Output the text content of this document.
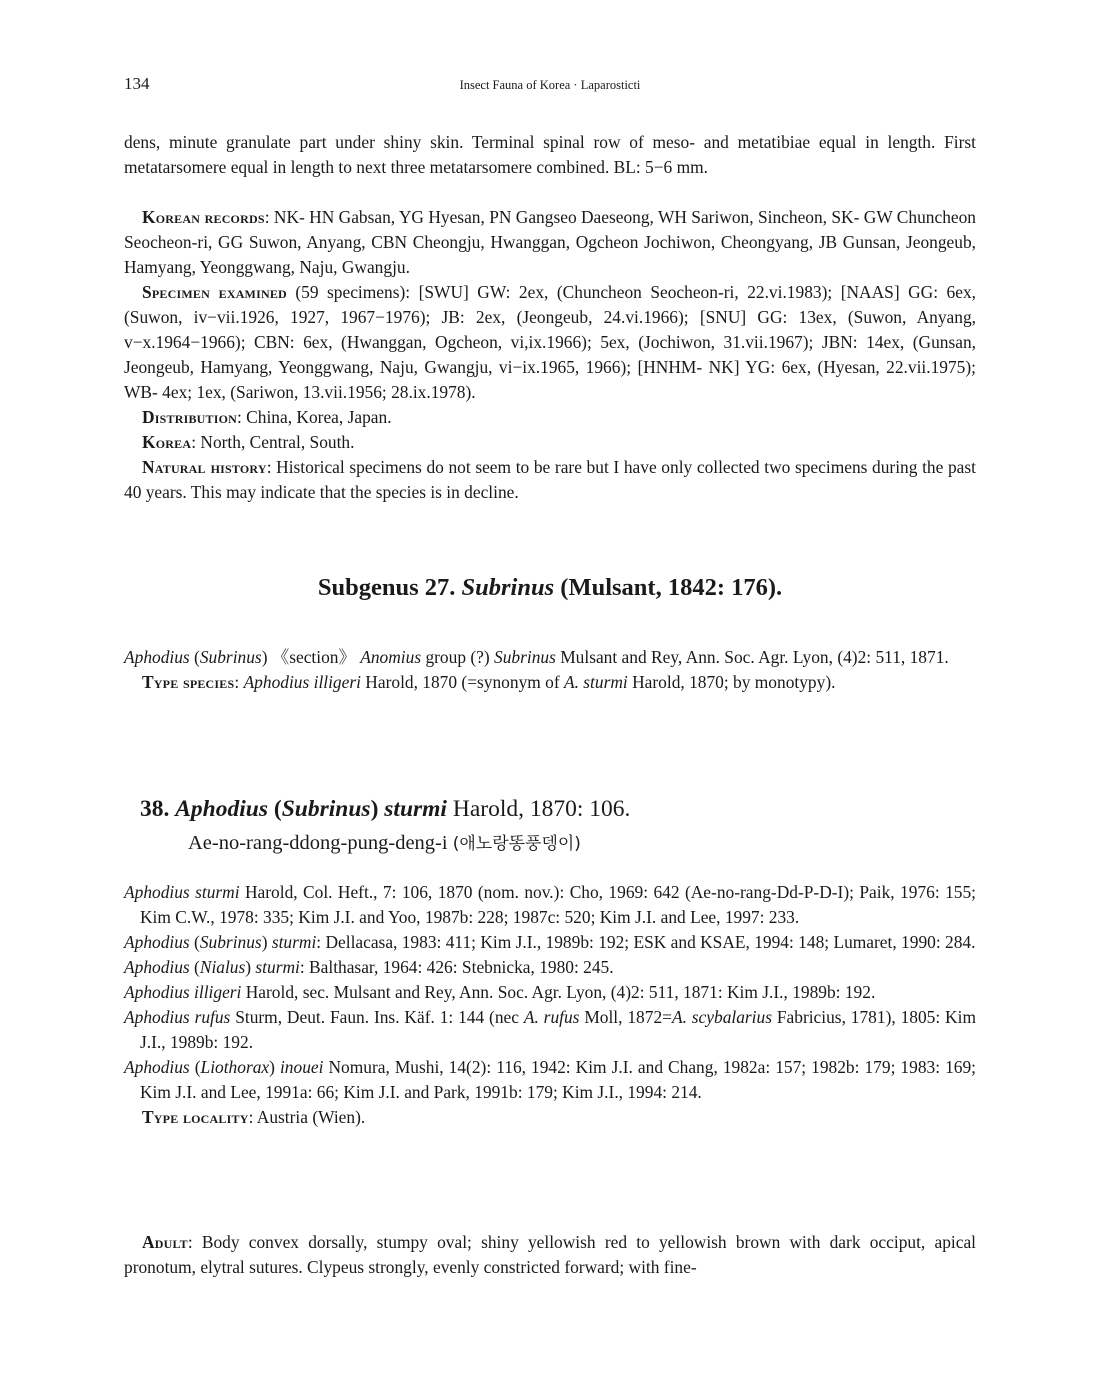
134	Insect Fauna of Korea · Laparosticti

dens, minute granulate part under shiny skin. Terminal spinal row of meso- and metatibiae equal in length. First metatarsomere equal in length to next three metatarsomere combined. BL: 5−6 mm.

Korean records: NK- HN Gabsan, YG Hyesan, PN Gangseo Daeseong, WH Sariwon, Sincheon, SK- GW Chuncheon Seocheon-ri, GG Suwon, Anyang, CBN Cheongju, Hwanggan, Ogcheon Jochiwon, Cheongyang, JB Gunsan, Jeongeub, Hamyang, Yeonggwang, Naju, Gwangju.

Specimen examined (59 specimens): [SWU] GW: 2ex, (Chuncheon Seocheon-ri, 22.vi.1983); [NAAS] GG: 6ex, (Suwon, iv−vii.1926, 1927, 1967−1976); JB: 2ex, (Jeongeub, 24.vi.1966); [SNU] GG: 13ex, (Suwon, Anyang, v−x.1964−1966); CBN: 6ex, (Hwanggan, Ogcheon, vi,ix.1966); 5ex, (Jochiwon, 31.vii.1967); JBN: 14ex, (Gunsan, Jeongeub, Hamyang, Yeonggwang, Naju, Gwangju, vi−ix.1965, 1966); [HNHM- NK] YG: 6ex, (Hyesan, 22.vii.1975); WB- 4ex; 1ex, (Sariwon, 13.vii.1956; 28.ix.1978).

Distribution: China, Korea, Japan.

Korea: North, Central, South.

Natural history: Historical specimens do not seem to be rare but I have only collected two specimens during the past 40 years. This may indicate that the species is in decline.

Subgenus 27. Subrinus (Mulsant, 1842: 176).

Aphodius (Subrinus) 《section》 Anomius group (?) Subrinus Mulsant and Rey, Ann. Soc. Agr. Lyon, (4)2: 511, 1871.

Type species: Aphodius illigeri Harold, 1870 (=synonym of A. sturmi Harold, 1870; by monotypy).

38. Aphodius (Subrinus) sturmi Harold, 1870: 106.
Ae-no-rang-ddong-pung-deng-i (애노랑똥풍뎅이)

Aphodius sturmi Harold, Col. Heft., 7: 106, 1870 (nom. nov.): Cho, 1969: 642 (Ae-no-rang-Dd-P-D-I); Paik, 1976: 155; Kim C.W., 1978: 335; Kim J.I. and Yoo, 1987b: 228; 1987c: 520; Kim J.I. and Lee, 1997: 233.

Aphodius (Subrinus) sturmi: Dellacasa, 1983: 411; Kim J.I., 1989b: 192; ESK and KSAE, 1994: 148; Lumaret, 1990: 284.

Aphodius (Nialus) sturmi: Balthasar, 1964: 426: Stebnicka, 1980: 245.

Aphodius illigeri Harold, sec. Mulsant and Rey, Ann. Soc. Agr. Lyon, (4)2: 511, 1871: Kim J.I., 1989b: 192.

Aphodius rufus Sturm, Deut. Faun. Ins. Käf. 1: 144 (nec A. rufus Moll, 1872=A. scybalarius Fabricius, 1781), 1805: Kim J.I., 1989b: 192.

Aphodius (Liothorax) inouei Nomura, Mushi, 14(2): 116, 1942: Kim J.I. and Chang, 1982a: 157; 1982b: 179; 1983: 169; Kim J.I. and Lee, 1991a: 66; Kim J.I. and Park, 1991b: 179; Kim J.I., 1994: 214.

Type locality: Austria (Wien).

Adult: Body convex dorsally, stumpy oval; shiny yellowish red to yellowish brown with dark occiput, apical pronotum, elytral sutures. Clypeus strongly, evenly constricted forward; with fine-
